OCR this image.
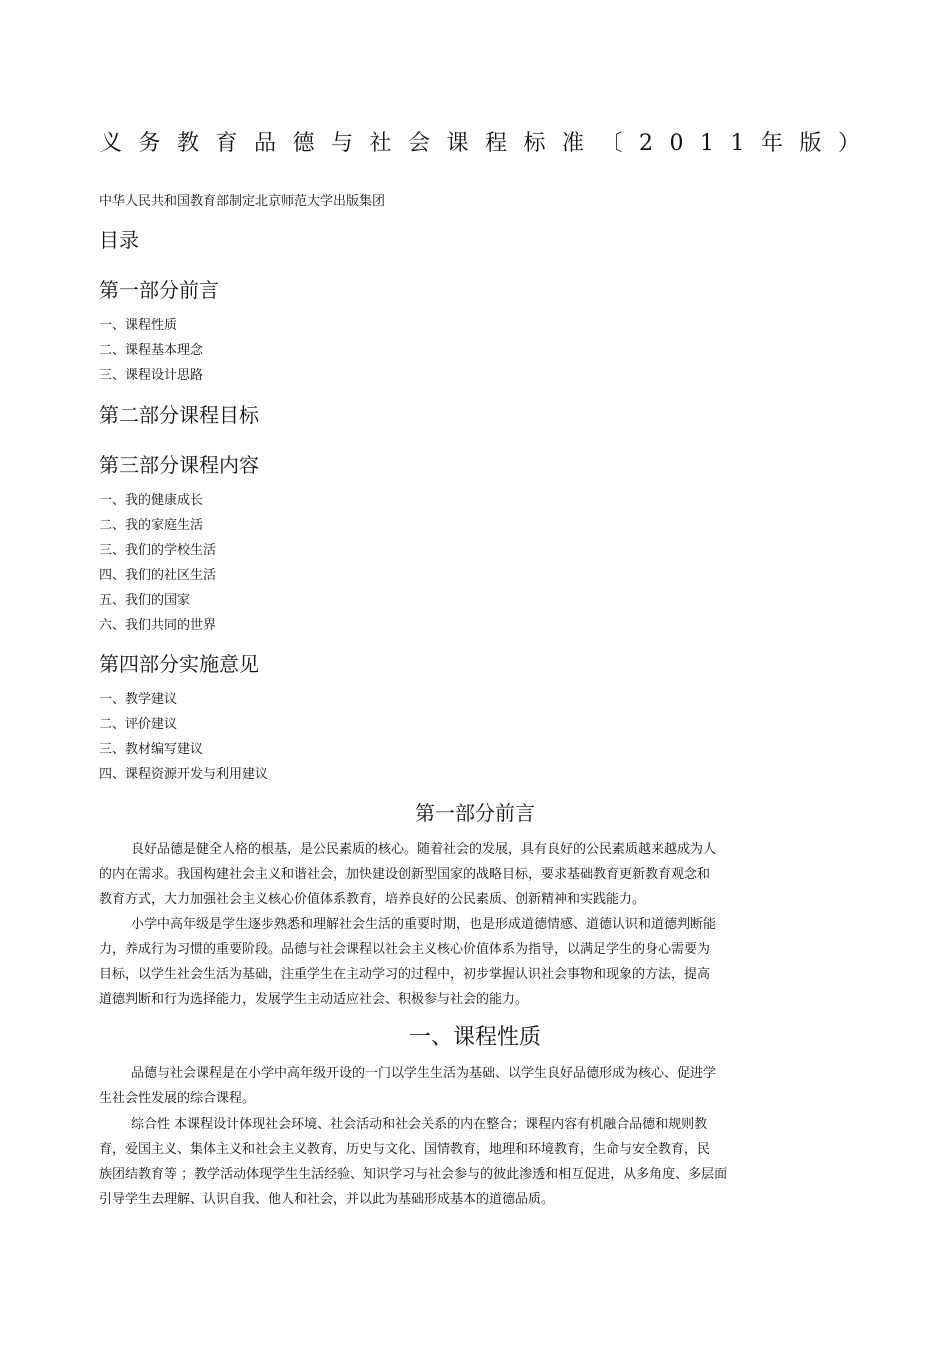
义务教育品德与社会课程标准〔2011年版）
中华人民共和国教育部制定北京师范大学出版集团
目录
第一部分前言
一、课程性质
二、课程基本理念
三、课程设计思路
第二部分课程目标
第三部分课程内容
一、我的健康成长
二、我的家庭生活
三、我们的学校生活
四、我们的社区生活
五、我们的国家
六、我们共同的世界
第四部分实施意见
一、教学建议
二、评价建议
三、教材编写建议
四、课程资源开发与利用建议
第一部分前言
良好品德是健全人格的根基，是公民素质的核心。随着社会的发展，具有良好的公民素质越来越成为人
的内在需求。我国构建社会主义和谐社会，加快建设创新型国家的战略目标，要求基础教育更新教育观念和
教育方式，大力加强社会主义核心价值体系教育，培养良好的公民素质、创新精神和实践能力。
小学中高年级是学生逐步熟悉和理解社会生活的重要时期，也是形成道德情感、道德认识和道德判断能
力，养成行为习惯的重要阶段。品德与社会课程以社会主义核心价值体系为指导，以满足学生的身心需要为
目标，以学生社会生活为基础，注重学生在主动学习的过程中，初步掌握认识社会事物和现象的方法，提高
道德判断和行为选择能力，发展学生主动适应社会、积极参与社会的能力。
一、课程性质
品德与社会课程是在小学中高年级开设的一门以学生生活为基础、以学生良好品德形成为核心、促进学
生社会性发展的综合课程。
综合性 本课程设计体现社会环境、社会活动和社会关系的内在整合；课程内容有机融合品德和规则教
育，爱国主义、集体主义和社会主义教育，历史与文化、国情教育，地理和环境教育，生命与安全教育，民
族团结教育等 ；教学活动体现学生生活经验、知识学习与社会参与的彼此渗透和相互促进，从多角度、多层面
引导学生去理解、认识自我、他人和社会，并以此为基础形成基本的道德品质。
